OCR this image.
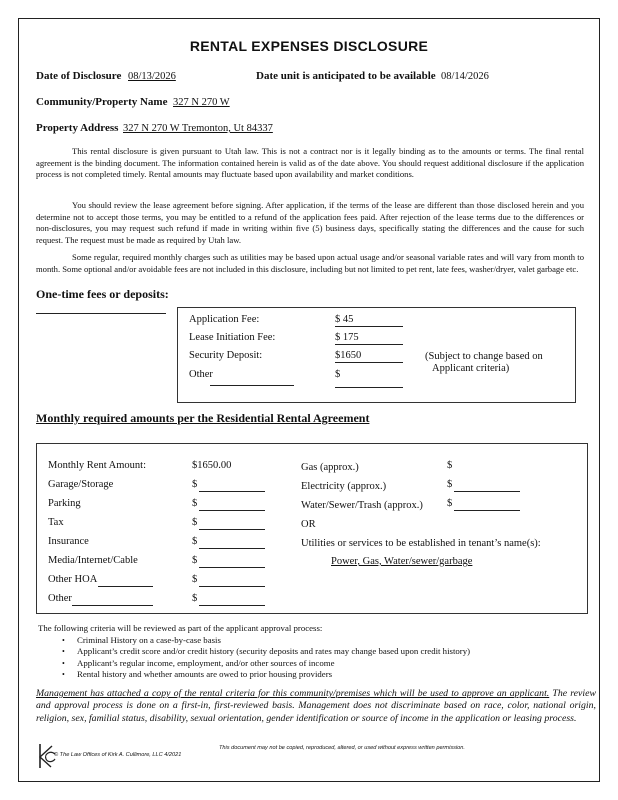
RENTAL EXPENSES DISCLOSURE
Date of Disclosure 08/13/2026	Date unit is anticipated to be available 08/14/2026
Community/Property Name 327 N 270 W
Property Address 327 N 270 W Tremonton, Ut 84337
This rental disclosure is given pursuant to Utah law. This is not a contract nor is it legally binding as to the amounts or terms. The final rental agreement is the binding document. The information contained herein is valid as of the date above. You should request additional disclosure if the application process is not completed timely. Rental amounts may fluctuate based upon availability and market conditions.
You should review the lease agreement before signing. After application, if the terms of the lease are different than those disclosed herein and you determine not to accept those terms, you may be entitled to a refund of the application fees paid. After rejection of the lease terms due to the differences or non-disclosures, you may request such refund if made in writing within five (5) business days, specifically stating the differences and the cause for such request. The request must be made as required by Utah law.
Some regular, required monthly charges such as utilities may be based upon actual usage and/or seasonal variable rates and will vary from month to month. Some optional and/or avoidable fees are not included in this disclosure, including but not limited to pet rent, late fees, washer/dryer, valet garbage etc.
One-time fees or deposits:
Application Fee:	$ 45
Lease Initiation Fee:	$ 175
Security Deposit:	$1650
Other	$
(Subject to change based on
Applicant criteria)
Monthly required amounts per the Residential Rental Agreement
Monthly Rent Amount:	$1650.00
Garage/Storage	$
Parking	$
Tax	$
Insurance	$
Media/Internet/Cable	$
Other HOA	$
Other	$
Gas (approx.)	$
Electricity (approx.)	$
Water/Sewer/Trash (approx.) $
OR
Utilities or services to be established in tenant’s name(s):
Power, Gas, Water/sewer/garbage
The following criteria will be reviewed as part of the applicant approval process:
• Criminal History on a case-by-case basis
• Applicant’s credit score and/or credit history (security deposits and rates may change based upon credit history)
• Applicant’s regular income, employment, and/or other sources of income
• Rental history and whether amounts are owed to prior housing providers
Management has attached a copy of the rental criteria for this community/premises which will be used to approve an applicant. The review and approval process is done on a first-in, first-reviewed basis. Management does not discriminate based on race, color, national origin, religion, sex, familial status, disability, sexual orientation, gender identification or source of income in the application or leasing process.
© The Law Offices of Kirk A. Cullimore, LLC 4/2021
This document may not be copied, reproduced, altered, or used without express written permission.
